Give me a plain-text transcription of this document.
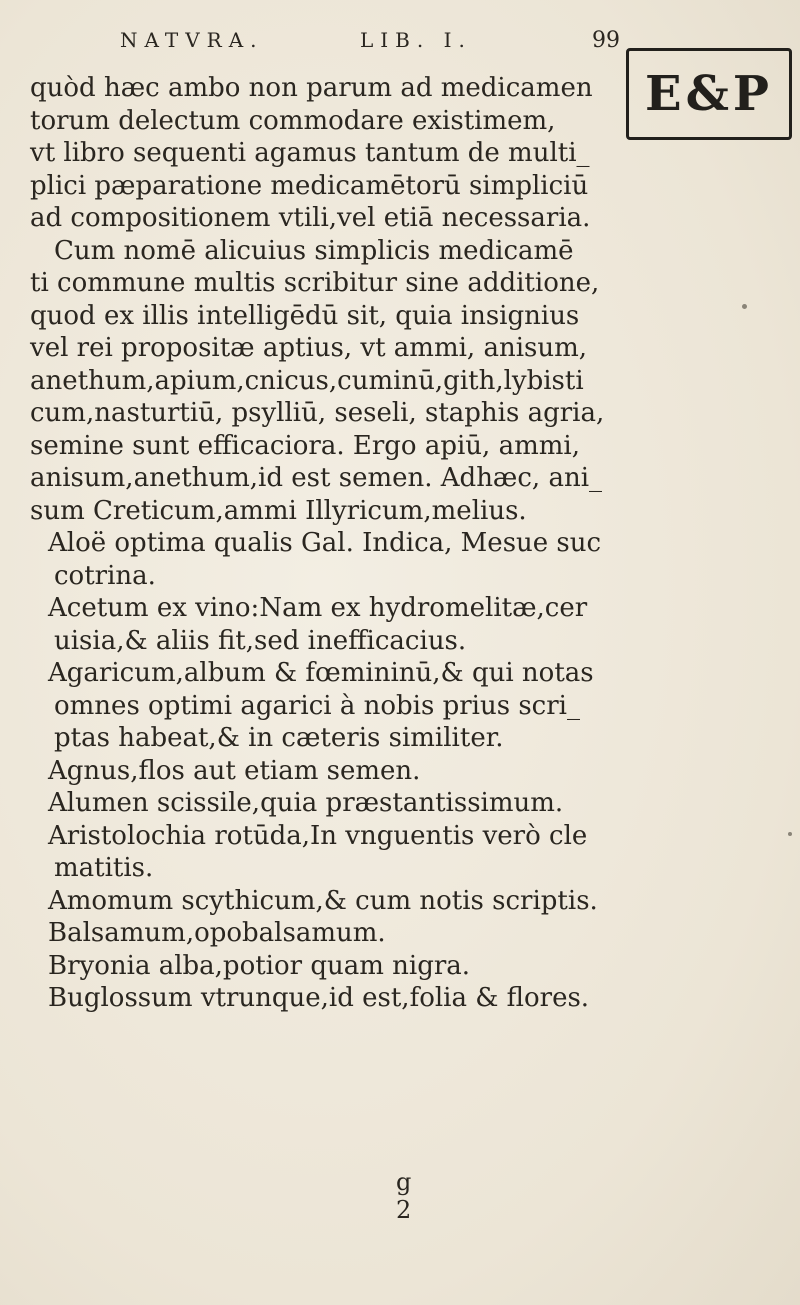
NATVRA.	LIB. I.	99
E&P
quòd hæc ambo non parum ad medicamen
torum delectum commodare existimem,
vt libro sequenti agamus tantum de multi_
plici pæparatione medicamētorū simpliciū
ad compositionem vtili,vel etiā necessaria.
Cum nomē alicuius simplicis medicamē
ti commune multis scribitur sine additione,
quod ex illis intelligēdū sit, quia insignius
vel rei propositæ aptius, vt ammi, anisum,
anethum,apium,cnicus,cuminū,gith,lybisti
cum,nasturtiū, psylliū, seseli, staphis agria,
semine sunt efficaciora. Ergo apiū, ammi,
anisum,anethum,id est semen. Adhæc, ani_
sum Creticum,ammi Illyricum,melius.
Aloë optima qualis Gal. Indica, Mesue suc
cotrina.
Acetum ex vino:Nam ex hydromelitæ,cer
uisia,& aliis fit,sed inefficacius.
Agaricum,album & fœmininū,& qui notas
omnes optimi agarici à nobis prius scri_
ptas habeat,& in cæteris similiter.
Agnus,flos aut etiam semen.
Alumen scissile,quia præstantissimum.
Aristolochia rotūda,In vnguentis verò cle
matitis.
Amomum scythicum,& cum notis scriptis.
Balsamum,opobalsamum.
Bryonia alba,potior quam nigra.
Buglossum vtrunque,id est,folia & flores.
g 2
